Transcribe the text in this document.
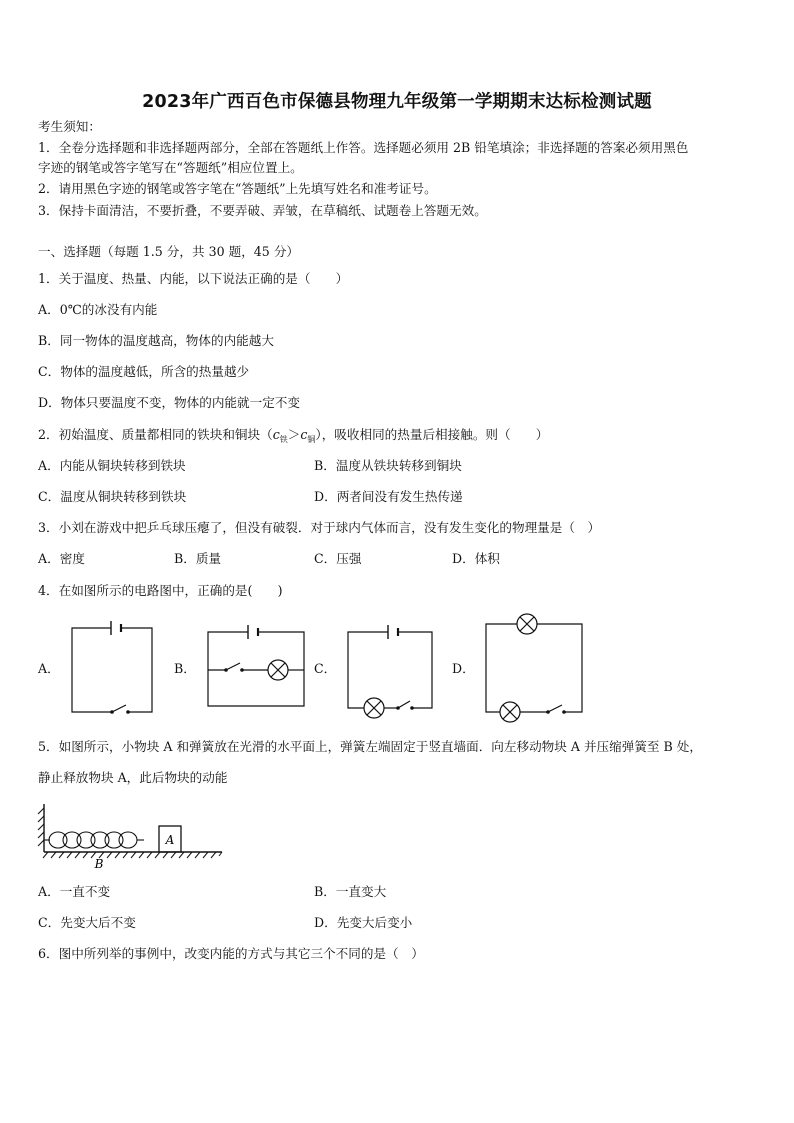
2023年广西百色市保德县物理九年级第一学期期末达标检测试题
考生须知：
1．全卷分选择题和非选择题两部分，全部在答题纸上作答。选择题必须用 2B 铅笔填涂；非选择题的答案必须用黑色
字迹的钢笔或答字笔写在“答题纸”相应位置上。
2．请用黑色字迹的钢笔或答字笔在“答题纸”上先填写姓名和准考证号。
3．保持卡面清洁，不要折叠，不要弄破、弄皱，在草稿纸、试题卷上答题无效。
一、选择题（每题 1.5 分，共 30 题，45 分）
1．关于温度、热量、内能，以下说法正确的是（　　）
A．0℃的冰没有内能
B．同一物体的温度越高，物体的内能越大
C．物体的温度越低，所含的热量越少
D．物体只要温度不变，物体的内能就一定不变
2．初始温度、质量都相同的铁块和铜块$(c_铁>c_铜)$，吸收相同的热量后相接触。则（　　）
A．内能从铜块转移到铁块	B．温度从铁块转移到铜块
C．温度从铜块转移到铁块	D．两者间没有发生热传递
3．小刘在游戏中把乒乓球压瘪了，但没有破裂．对于球内气体而言，没有发生变化的物理量是（　）
A．密度	B．质量	C．压强	D．体积
4．在如图所示的电路图中，正确的是(　　)
A．	B．	C．	D．
5．如图所示，小物块 A 和弹簧放在光滑的水平面上，弹簧左端固定于竖直墙面．向左移动物块 A 并压缩弹簧至 B 处，
静止释放物块 A，此后物块的动能
A
B
A．一直不变	B．一直变大
C．先变大后不变	D．先变大后变小
6．图中所列举的事例中，改变内能的方式与其它三个不同的是（　）
